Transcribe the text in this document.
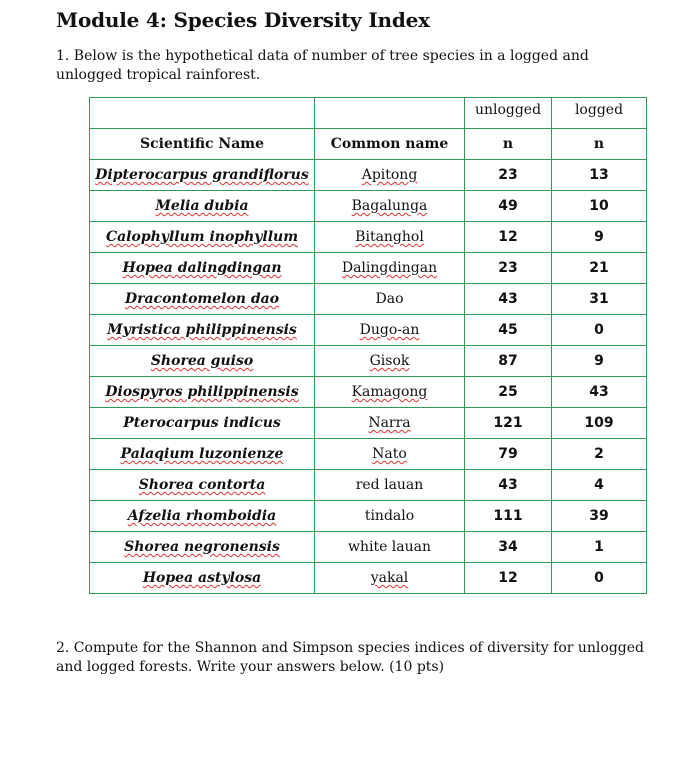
Module 4: Species Diversity Index
1. Below is the hypothetical data of number of tree species in a logged and unlogged tropical rainforest.
		unlogged	logged
Scientific Name	Common name	n	n
Dipterocarpus grandiflorus	Apitong	23	13
Melia dubia	Bagalunga	49	10
Calophyllum inophyllum	Bitanghol	12	9
Hopea dalingdingan	Dalingdingan	23	21
Dracontomelon dao	Dao	43	31
Myristica philippinensis	Dugo-an	45	0
Shorea guiso	Gisok	87	9
Diospyros philippinensis	Kamagong	25	43
Pterocarpus indicus	Narra	121	109
Palaqium luzonienze	Nato	79	2
Shorea contorta	red lauan	43	4
Afzelia rhomboidia	tindalo	111	39
Shorea negronensis	white lauan	34	1
Hopea astylosa	yakal	12	0
2. Compute for the Shannon and Simpson species indices of diversity for unlogged and logged forests. Write your answers below. (10 pts)
